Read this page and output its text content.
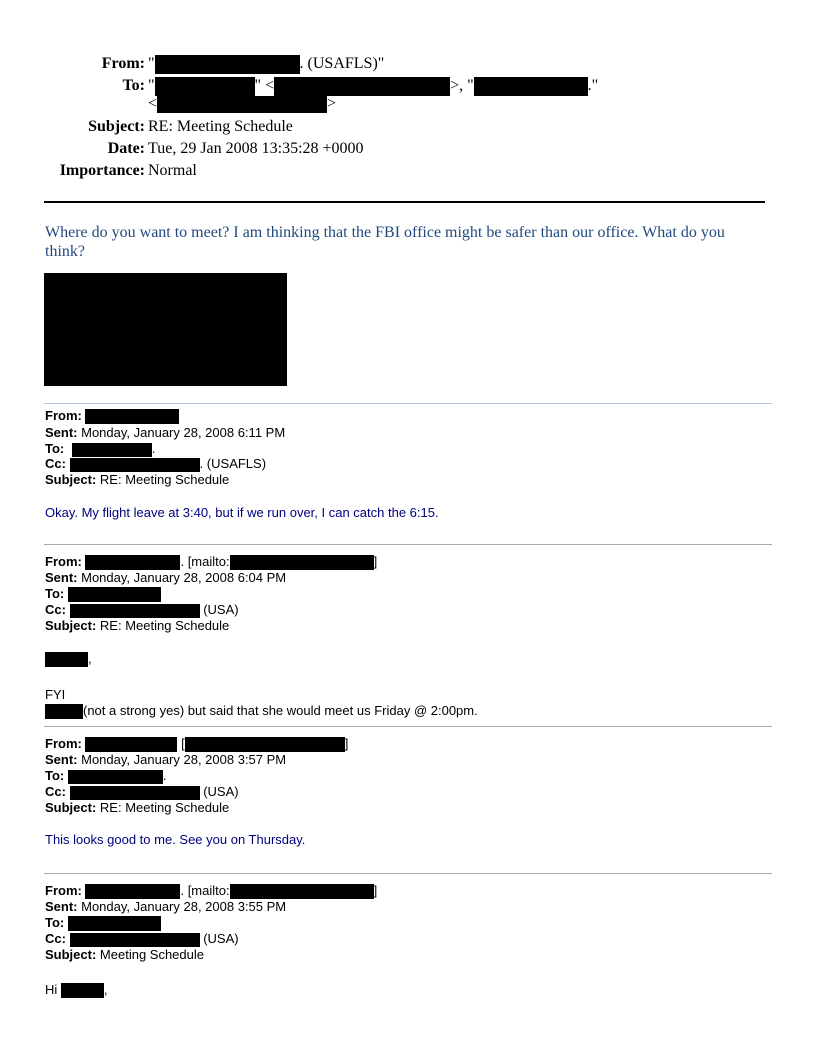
From: "	. (USAFLS)"
To: "	" <	>, "	."
<	>
Subject: RE: Meeting Schedule
Date: Tue, 29 Jan 2008 13:35:28 +0000
Importance: Normal
Where do you want to meet? I am thinking that the FBI office might be safer than our office. What do you
think?
From:
Sent: Monday, January 28, 2008 6:11 PM
To:	.
Cc:	. (USAFLS)
Subject: RE: Meeting Schedule
Okay. My flight leave at 3:40, but if we run over, I can catch the 6:15.
From:	. [mailto:	]
Sent: Monday, January 28, 2008 6:04 PM
To:
Cc:	(USA)
Subject: RE: Meeting Schedule
,
FYI
(not a strong yes) but said that she would meet us Friday @ 2:00pm.
From:	[	]
Sent: Monday, January 28, 2008 3:57 PM
To:	.
Cc:	(USA)
Subject: RE: Meeting Schedule
This looks good to me. See you on Thursday.
From:	. [mailto:	]
Sent: Monday, January 28, 2008 3:55 PM
To:
Cc:	(USA)
Subject: Meeting Schedule
Hi	,
